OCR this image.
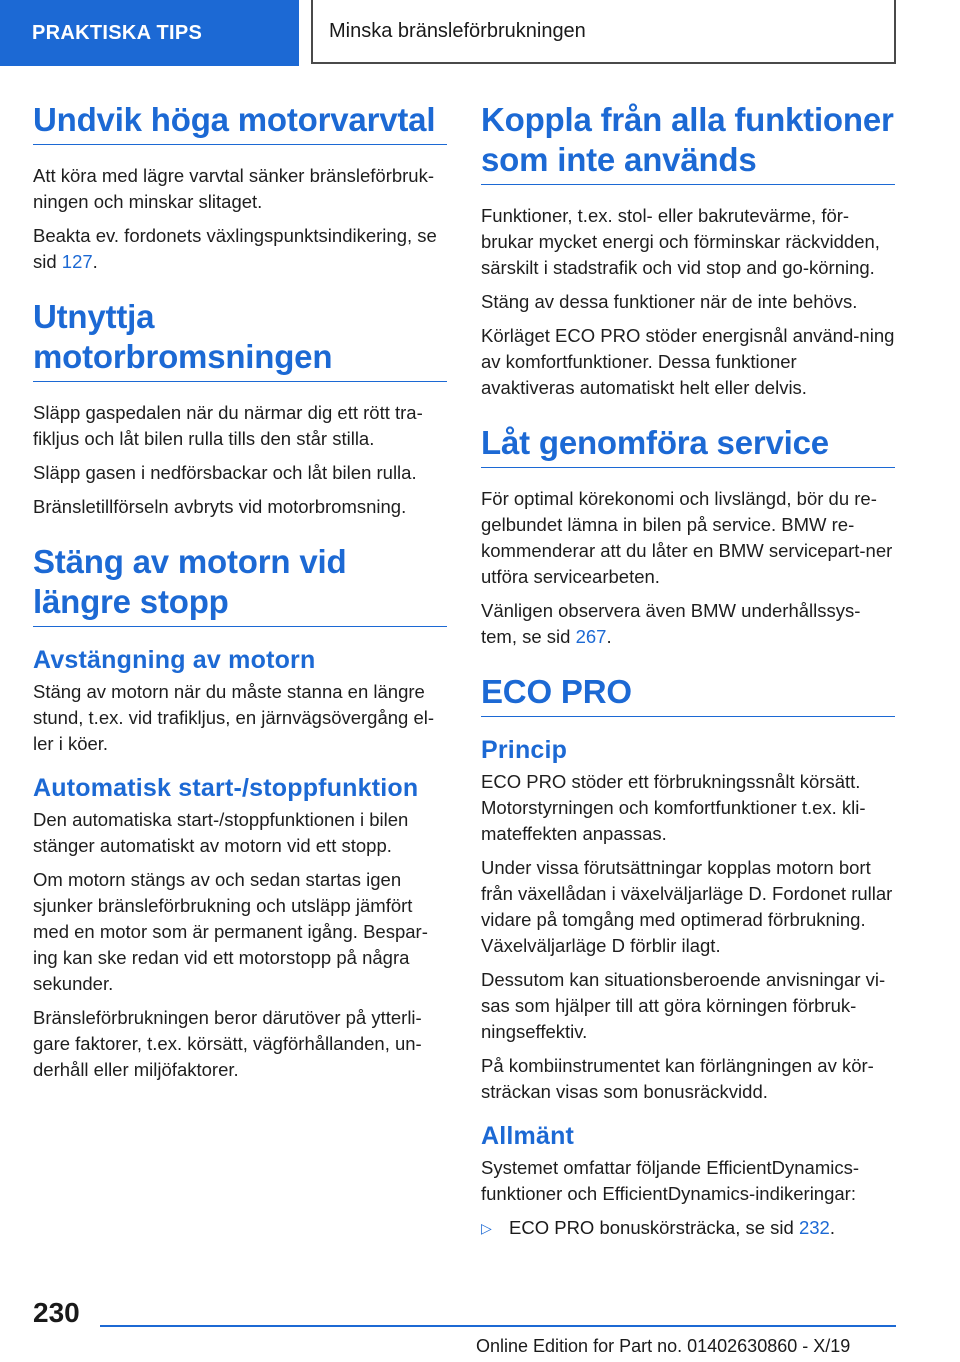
PRAKTISKA TIPS	Minska bränsleförbrukningen
Undvik höga motorvarvtal

Att köra med lägre varvtal sänker bränsleförbruk‐ningen och minskar slitaget.

Beakta ev. fordonets växlingspunktsindikering, se sid 127.

Utnyttja motorbromsningen

Släpp gaspedalen när du närmar dig ett rött tra‐fikljus och låt bilen rulla tills den står stilla.

Släpp gasen i nedförsbackar och låt bilen rulla.

Bränsletillförseln avbryts vid motorbromsning.

Stäng av motorn vid längre stopp
Avstängning av motorn

Stäng av motorn när du måste stanna en längre stund, t.ex. vid trafikljus, en järnvägsövergång el‐ler i köer.

Automatisk start-/stoppfunktion

Den automatiska start-/stoppfunktionen i bilen stänger automatiskt av motorn vid ett stopp.

Om motorn stängs av och sedan startas igen sjunker bränsleförbrukning och utsläpp jämfört med en motor som är permanent igång. Bespar‐ing kan ske redan vid ett motorstopp på några sekunder.

Bränsleförbrukningen beror därutöver på ytterli‐gare faktorer, t.ex. körsätt, vägförhållanden, un‐derhåll eller miljöfaktorer.

Koppla från alla funktioner som inte används

Funktioner, t.ex. stol- eller bakrutevärme, för‐brukar mycket energi och förminskar räckvidden, särskilt i stadstrafik och vid stop and go-körning.

Stäng av dessa funktioner när de inte behövs.

Körläget ECO PRO stöder energisnål använd‐ning av komfortfunktioner. Dessa funktioner avaktiveras automatiskt helt eller delvis.

Låt genomföra service

För optimal körekonomi och livslängd, bör du re‐gelbundet lämna in bilen på service. BMW re‐kommenderar att du låter en BMW servicepart‐ner utföra servicearbeten.

Vänligen observera även BMW underhållssys‐tem, se sid 267.

ECO PRO
Princip

ECO PRO stöder ett förbrukningssnålt körsätt. Motorstyrningen och komfortfunktioner t.ex. kli‐mateffekten anpassas.

Under vissa förutsättningar kopplas motorn bort från växellådan i växelväljarläge D. Fordonet rullar vidare på tomgång med optimerad förbrukning. Växelväljarläge D förblir ilagt.

Dessutom kan situationsberoende anvisningar vi‐sas som hjälper till att göra körningen förbruk‐ningseffektiv.

På kombiinstrumentet kan förlängningen av kör‐sträckan visas som bonusräckvidd.

Allmänt

Systemet omfattar följande EfficientDynamics-funktioner och EfficientDynamics-indikeringar:

▷ ECO PRO bonuskörsträcka, se sid 232.
230
Online Edition for Part no. 01402630860 - X/19
